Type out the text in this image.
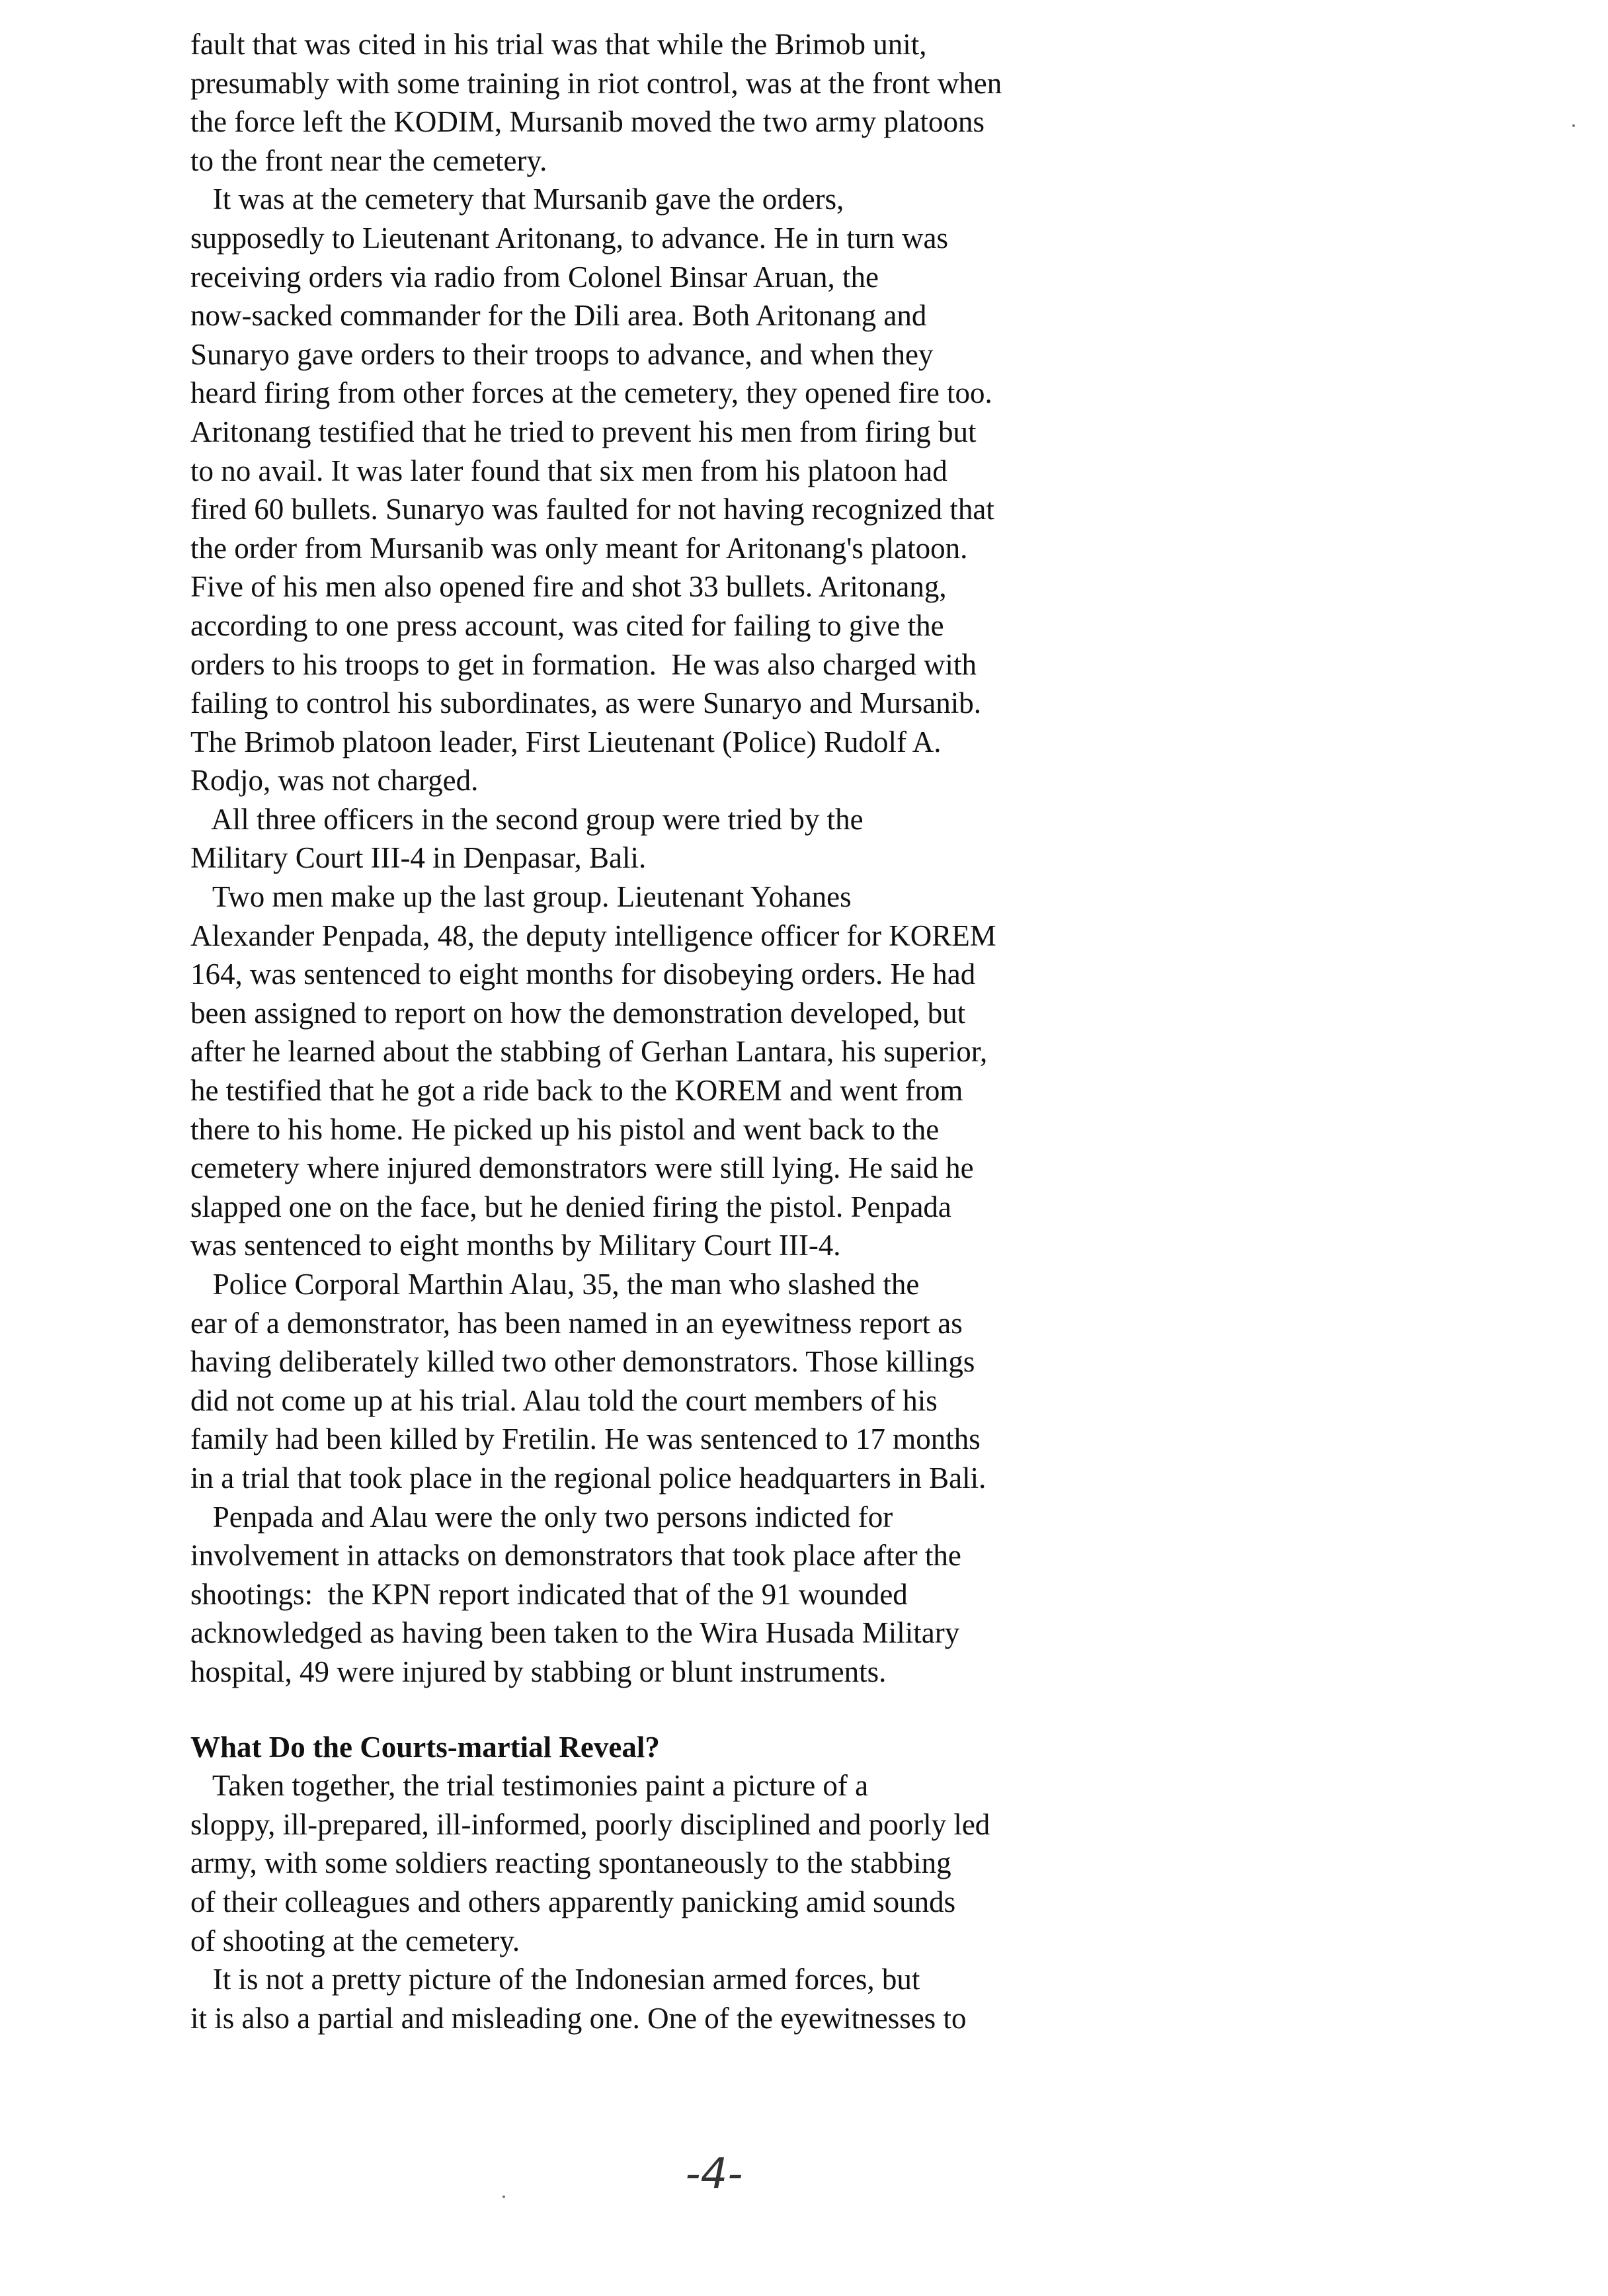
fault that was cited in his trial was that while the Brimob unit,
presumably with some training in riot control, was at the front when
the force left the KODIM, Mursanib moved the two army platoons
to the front near the cemetery.
It was at the cemetery that Mursanib gave the orders,
supposedly to Lieutenant Aritonang, to advance. He in turn was
receiving orders via radio from Colonel Binsar Aruan, the
now-sacked commander for the Dili area. Both Aritonang and
Sunaryo gave orders to their troops to advance, and when they
heard firing from other forces at the cemetery, they opened fire too.
Aritonang testified that he tried to prevent his men from firing but
to no avail. It was later found that six men from his platoon had
fired 60 bullets. Sunaryo was faulted for not having recognized that
the order from Mursanib was only meant for Aritonang's platoon.
Five of his men also opened fire and shot 33 bullets. Aritonang,
according to one press account, was cited for failing to give the
orders to his troops to get in formation.  He was also charged with
failing to control his subordinates, as were Sunaryo and Mursanib.
The Brimob platoon leader, First Lieutenant (Police) Rudolf A.
Rodjo, was not charged.
All three officers in the second group were tried by the
Military Court III-4 in Denpasar, Bali.
Two men make up the last group. Lieutenant Yohanes
Alexander Penpada, 48, the deputy intelligence officer for KOREM
164, was sentenced to eight months for disobeying orders. He had
been assigned to report on how the demonstration developed, but
after he learned about the stabbing of Gerhan Lantara, his superior,
he testified that he got a ride back to the KOREM and went from
there to his home. He picked up his pistol and went back to the
cemetery where injured demonstrators were still lying. He said he
slapped one on the face, but he denied firing the pistol. Penpada
was sentenced to eight months by Military Court III-4.
Police Corporal Marthin Alau, 35, the man who slashed the
ear of a demonstrator, has been named in an eyewitness report as
having deliberately killed two other demonstrators. Those killings
did not come up at his trial. Alau told the court members of his
family had been killed by Fretilin. He was sentenced to 17 months
in a trial that took place in the regional police headquarters in Bali.
Penpada and Alau were the only two persons indicted for
involvement in attacks on demonstrators that took place after the
shootings:  the KPN report indicated that of the 91 wounded
acknowledged as having been taken to the Wira Husada Military
hospital, 49 were injured by stabbing or blunt instruments.
What Do the Courts-martial Reveal?
Taken together, the trial testimonies paint a picture of a
sloppy, ill-prepared, ill-informed, poorly disciplined and poorly led
army, with some soldiers reacting spontaneously to the stabbing
of their colleagues and others apparently panicking amid sounds
of shooting at the cemetery.
It is not a pretty picture of the Indonesian armed forces, but
it is also a partial and misleading one. One of the eyewitnesses to
-4-
